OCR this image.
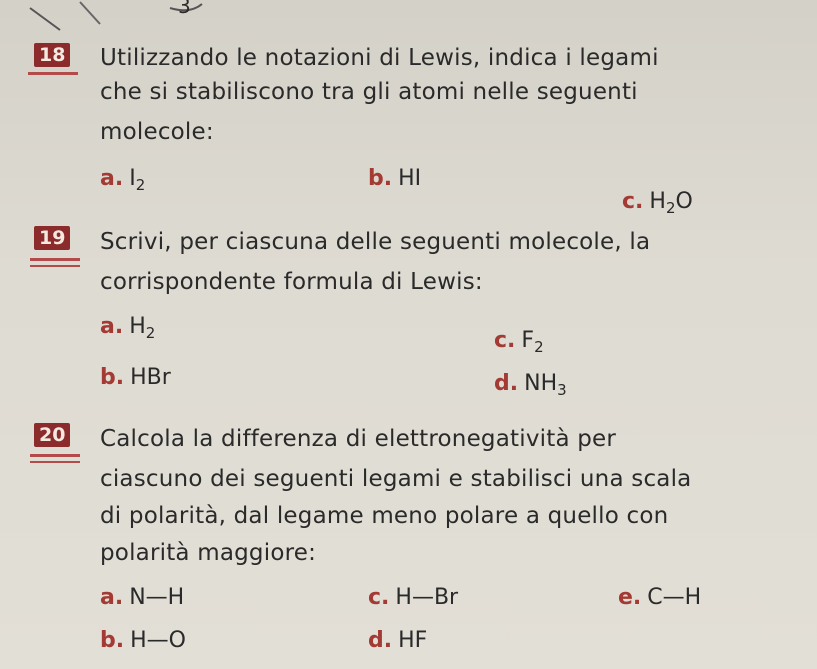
3
18 Utilizzando le notazioni di Lewis, indica i legami
che si stabiliscono tra gli atomi nelle seguenti
molecole:
a. $I_2$	b. HI
c. $H_2O$
19 Scrivi, per ciascuna delle seguenti molecole, la
corrispondente formula di Lewis:
a. $H_2$	c. $F_2$
b. HBr	d. $NH_3$
20 Calcola la differenza di elettronegatività per
ciascuno dei seguenti legami e stabilisci una scala
di polarità, dal legame meno polare a quello con
polarità maggiore:
a. N—H	c. H—Br	e. C—H
b. H—O	d. HF
